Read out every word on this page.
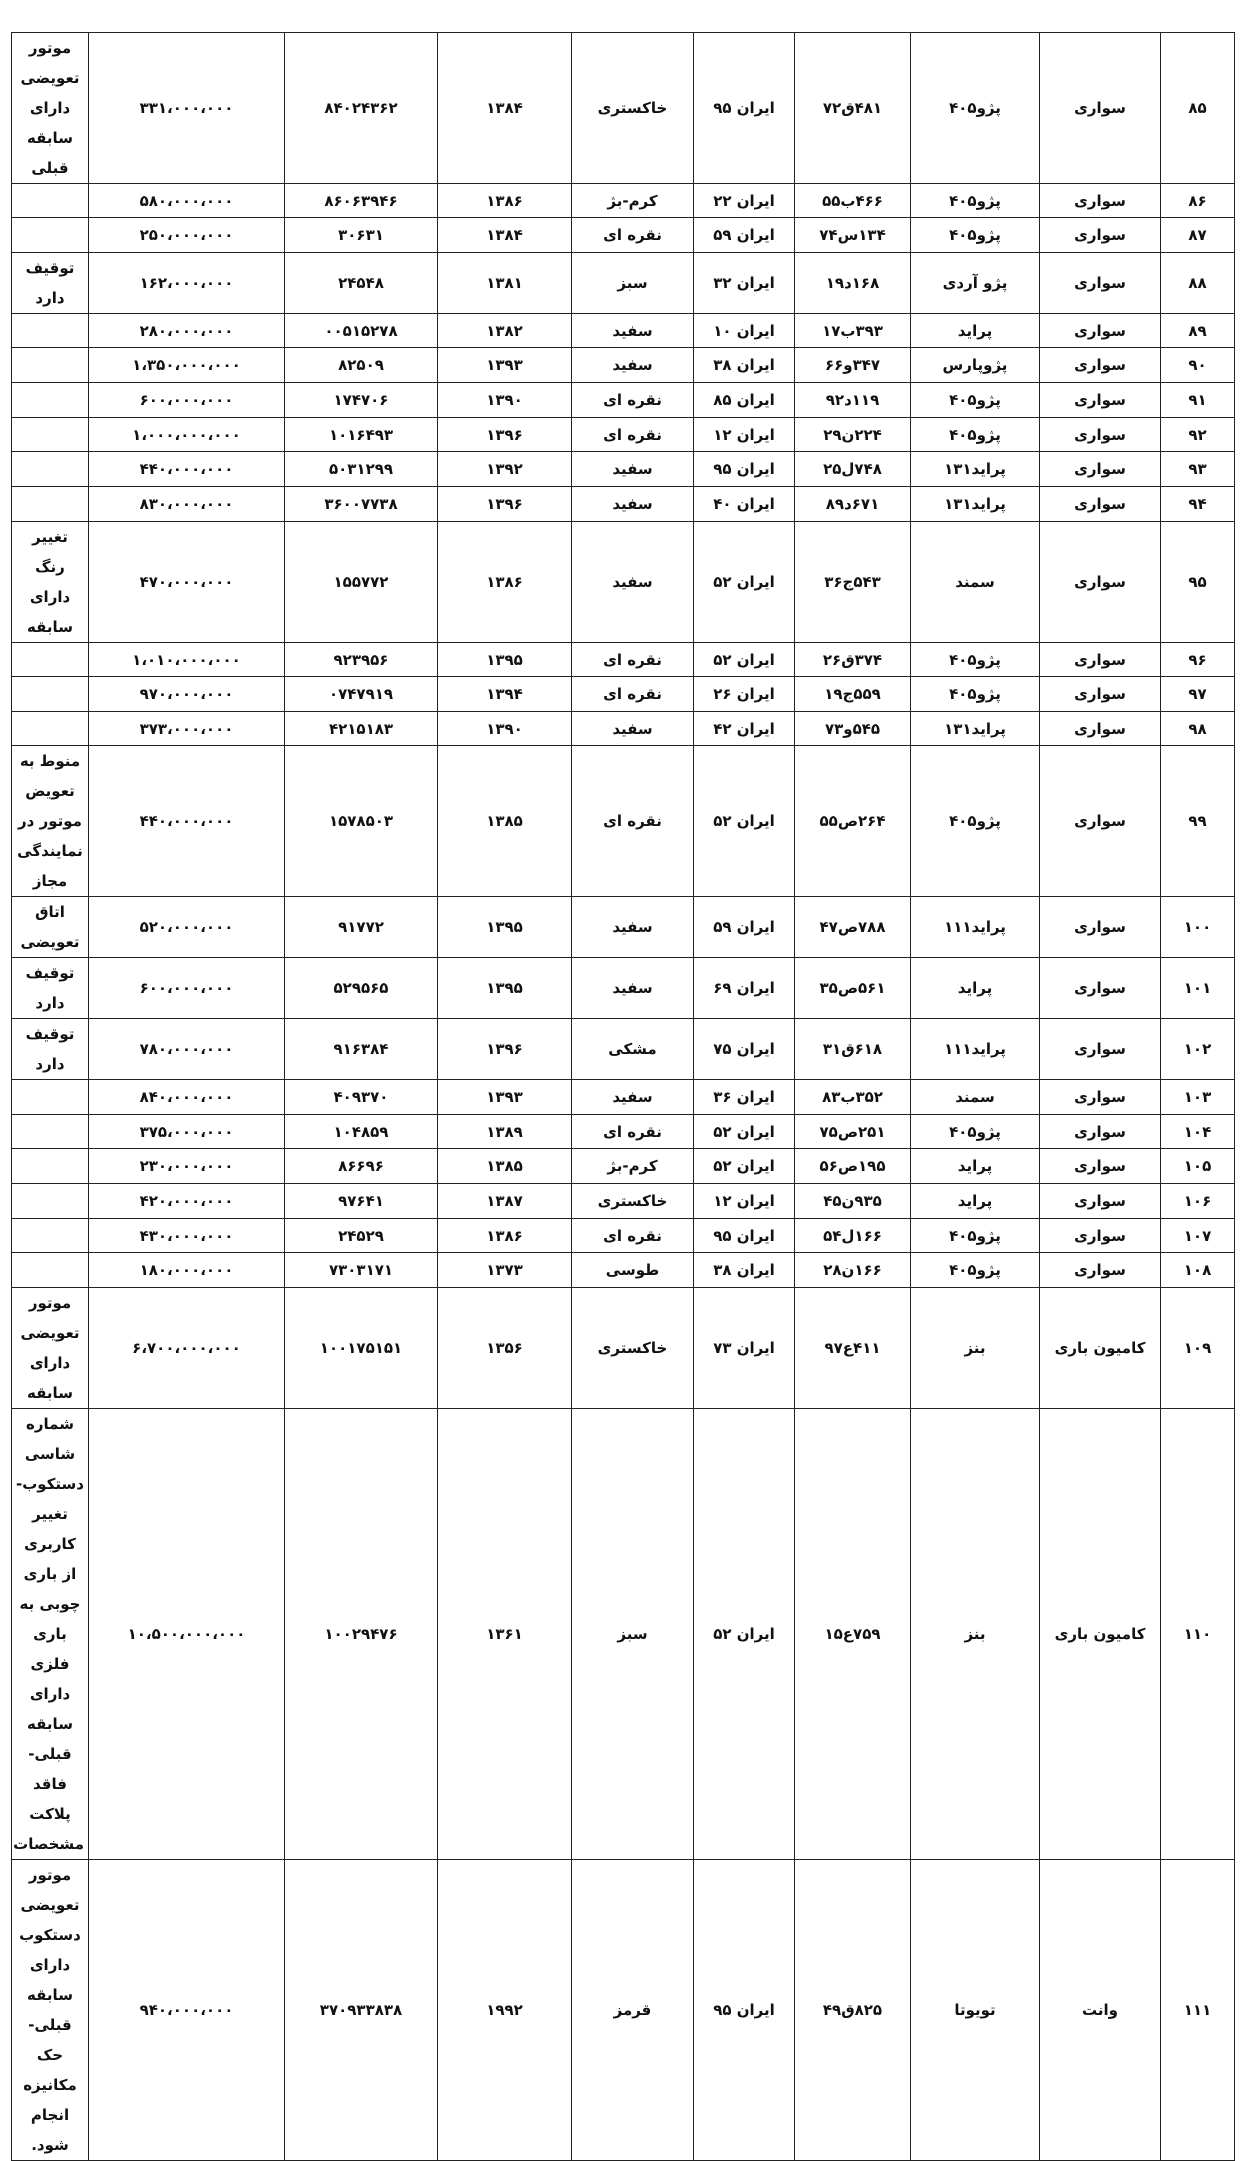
۸۵	سواری	پژو۴۰۵	۴۸۱ق۷۲	ایران ۹۵	خاکستری	۱۳۸۴	۸۴۰۲۴۳۶۲	۳۳۱،۰۰۰،۰۰۰	موتور تعویضی دارای سابقه قبلی
۸۶	سواری	پژو۴۰۵	۴۶۶ب۵۵	ایران ۲۲	کرم-بژ	۱۳۸۶	۸۶۰۶۳۹۴۶	۵۸۰،۰۰۰،۰۰۰	
۸۷	سواری	پژو۴۰۵	۱۳۴س۷۴	ایران ۵۹	نقره ای	۱۳۸۴	۳۰۶۳۱	۲۵۰،۰۰۰،۰۰۰	
۸۸	سواری	پژو آردی	۱۶۸د۱۹	ایران ۳۲	سبز	۱۳۸۱	۲۴۵۴۸	۱۶۲،۰۰۰،۰۰۰	توقیف دارد
۸۹	سواری	پراید	۳۹۳ب۱۷	ایران ۱۰	سفید	۱۳۸۲	۰۰۵۱۵۲۷۸	۲۸۰،۰۰۰،۰۰۰	
۹۰	سواری	پژوپارس	۳۴۷و۶۶	ایران ۳۸	سفید	۱۳۹۳	۸۲۵۰۹	۱،۳۵۰،۰۰۰،۰۰۰	
۹۱	سواری	پژو۴۰۵	۱۱۹د۹۲	ایران ۸۵	نقره ای	۱۳۹۰	۱۷۴۷۰۶	۶۰۰،۰۰۰،۰۰۰	
۹۲	سواری	پژو۴۰۵	۲۲۴ن۲۹	ایران ۱۲	نقره ای	۱۳۹۶	۱۰۱۶۴۹۳	۱،۰۰۰،۰۰۰،۰۰۰	
۹۳	سواری	پراید۱۳۱	۷۴۸ل۲۵	ایران ۹۵	سفید	۱۳۹۲	۵۰۳۱۲۹۹	۴۴۰،۰۰۰،۰۰۰	
۹۴	سواری	پراید۱۳۱	۶۷۱د۸۹	ایران ۴۰	سفید	۱۳۹۶	۳۶۰۰۷۷۳۸	۸۳۰،۰۰۰،۰۰۰	
۹۵	سواری	سمند	۵۴۳ج۳۶	ایران ۵۲	سفید	۱۳۸۶	۱۵۵۷۷۲	۴۷۰،۰۰۰،۰۰۰	تغییر رنگ دارای سابقه
۹۶	سواری	پژو۴۰۵	۳۷۴ق۲۶	ایران ۵۲	نقره ای	۱۳۹۵	۹۲۳۹۵۶	۱،۰۱۰،۰۰۰،۰۰۰	
۹۷	سواری	پژو۴۰۵	۵۵۹ج۱۹	ایران ۲۶	نقره ای	۱۳۹۴	۰۷۴۷۹۱۹	۹۷۰،۰۰۰،۰۰۰	
۹۸	سواری	پراید۱۳۱	۵۴۵و۷۳	ایران ۴۲	سفید	۱۳۹۰	۴۲۱۵۱۸۳	۳۷۳،۰۰۰،۰۰۰	
۹۹	سواری	پژو۴۰۵	۲۶۴ص۵۵	ایران ۵۲	نقره ای	۱۳۸۵	۱۵۷۸۵۰۳	۴۴۰،۰۰۰،۰۰۰	منوط به تعویض موتور در نمایندگی مجاز
۱۰۰	سواری	پراید۱۱۱	۷۸۸ص۴۷	ایران ۵۹	سفید	۱۳۹۵	۹۱۷۷۲	۵۲۰،۰۰۰،۰۰۰	اتاق تعویضی
۱۰۱	سواری	پراید	۵۶۱ص۳۵	ایران ۶۹	سفید	۱۳۹۵	۵۲۹۵۶۵	۶۰۰،۰۰۰،۰۰۰	توقیف دارد
۱۰۲	سواری	پراید۱۱۱	۶۱۸ق۳۱	ایران ۷۵	مشکی	۱۳۹۶	۹۱۶۳۸۴	۷۸۰،۰۰۰،۰۰۰	توقیف دارد
۱۰۳	سواری	سمند	۳۵۲ب۸۳	ایران ۳۶	سفید	۱۳۹۳	۴۰۹۳۷۰	۸۴۰،۰۰۰،۰۰۰	
۱۰۴	سواری	پژو۴۰۵	۲۵۱ص۷۵	ایران ۵۲	نقره ای	۱۳۸۹	۱۰۴۸۵۹	۳۷۵،۰۰۰،۰۰۰	
۱۰۵	سواری	پراید	۱۹۵ص۵۶	ایران ۵۲	کرم-بژ	۱۳۸۵	۸۶۶۹۶	۲۳۰،۰۰۰،۰۰۰	
۱۰۶	سواری	پراید	۹۳۵ن۴۵	ایران ۱۲	خاکستری	۱۳۸۷	۹۷۶۴۱	۴۲۰،۰۰۰،۰۰۰	
۱۰۷	سواری	پژو۴۰۵	۱۶۶ل۵۴	ایران ۹۵	نقره ای	۱۳۸۶	۲۴۵۲۹	۴۳۰،۰۰۰،۰۰۰	
۱۰۸	سواری	پژو۴۰۵	۱۶۶ن۲۸	ایران ۳۸	طوسی	۱۳۷۳	۷۳۰۳۱۷۱	۱۸۰،۰۰۰،۰۰۰	
۱۰۹	کامیون باری	بنز	۴۱۱ع۹۷	ایران ۷۳	خاکستری	۱۳۵۶	۱۰۰۱۷۵۱۵۱	۶،۷۰۰،۰۰۰،۰۰۰	موتور تعویضی دارای سابقه
۱۱۰	کامیون باری	بنز	۷۵۹ع۱۵	ایران ۵۲	سبز	۱۳۶۱	۱۰۰۲۹۴۷۶	۱۰،۵۰۰،۰۰۰،۰۰۰	شماره شاسی دستکوب-تغییر کاربری از باری چوبی به باری فلزی دارای سابقه قبلی-فاقد پلاکت مشخصات
۱۱۱	وانت	تویوتا	۸۲۵ق۴۹	ایران ۹۵	قرمز	۱۹۹۲	۳۷۰۹۳۳۸۳۸	۹۴۰،۰۰۰،۰۰۰	موتور تعویضی دستکوب دارای سابقه قبلی-حک مکانیزه انجام شود.
